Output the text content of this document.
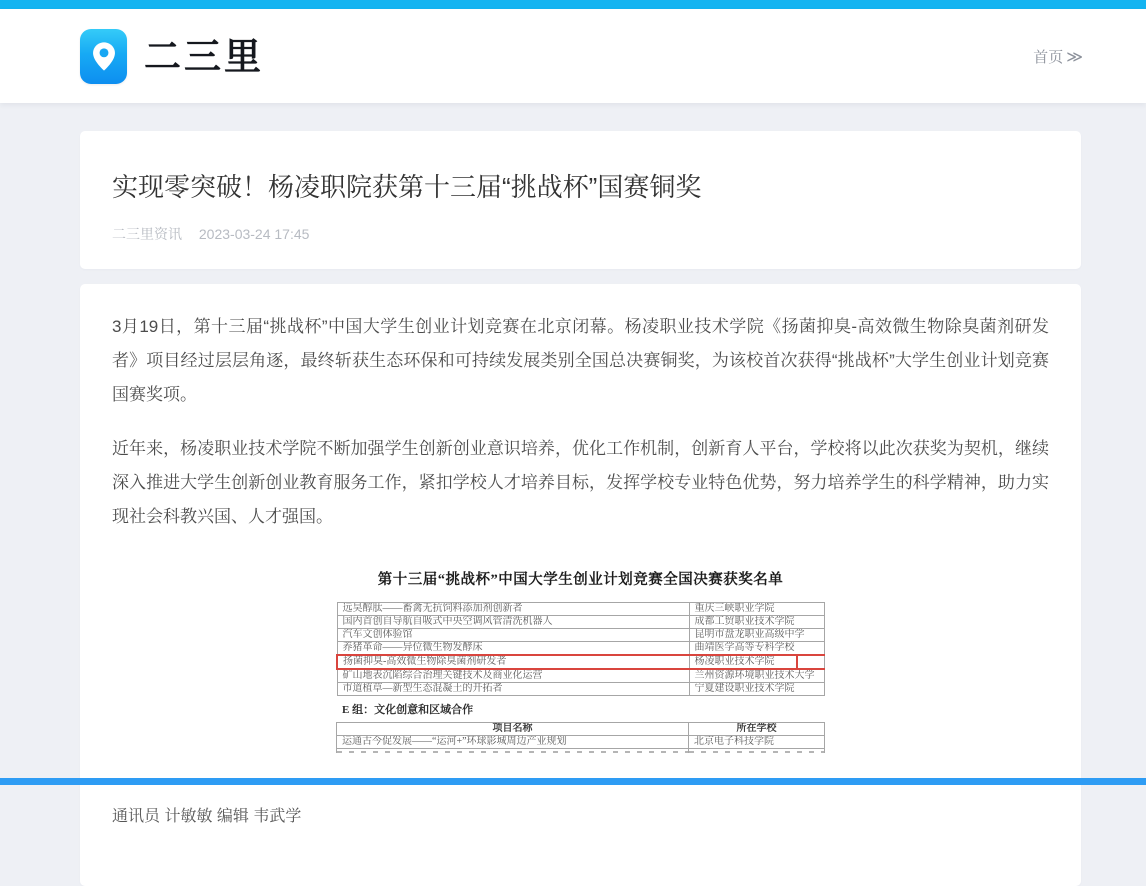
二三里	首页 ≫
实现零突破！杨凌职院获第十三届“挑战杯”国赛铜奖
二三里资讯 2023-03-24 17:45

3月19日，第十三届“挑战杯”中国大学生创业计划竞赛在北京闭幕。杨凌职业技术学院《扬菌抑臭-高效微生物除臭菌剂研发者》项目经过层层角逐，最终斩获生态环保和可持续发展类别全国总决赛铜奖，为该校首次获得“挑战杯”大学生创业计划竞赛国赛奖项。

近年来，杨凌职业技术学院不断加强学生创新创业意识培养，优化工作机制，创新育人平台，学校将以此次获奖为契机，继续深入推进大学生创新创业教育服务工作，紧扣学校人才培养目标，发挥学校专业特色优势，努力培养学生的科学精神，助力实现社会科教兴国、人才强国。

第十三届“挑战杯”中国大学生创业计划竞赛全国决赛获奖名单
远昊醇肽——畜禽无抗饲料添加剂创新者	重庆三峡职业学院
国内首创自导航自吸式中央空调风管清洗机器人	成都工贸职业技术学院
汽车文创体验馆	昆明市盘龙职业高级中学
养猪革命——异位微生物发酵床	曲靖医学高等专科学校
扬菌抑臭-高效微生物除臭菌剂研发者	杨凌职业技术学院
矿山地表沉陷综合治理关键技术及商业化运营	兰州资源环境职业技术大学
市道植草—新型生态混凝土的开拓者	宁夏建设职业技术学院
E 组：文化创意和区域合作
项目名称	所在学校
运通古今促发展——“运河+”环球影城周边产业规划	北京电子科技学院

通讯员 计敏敏 编辑 韦武学
